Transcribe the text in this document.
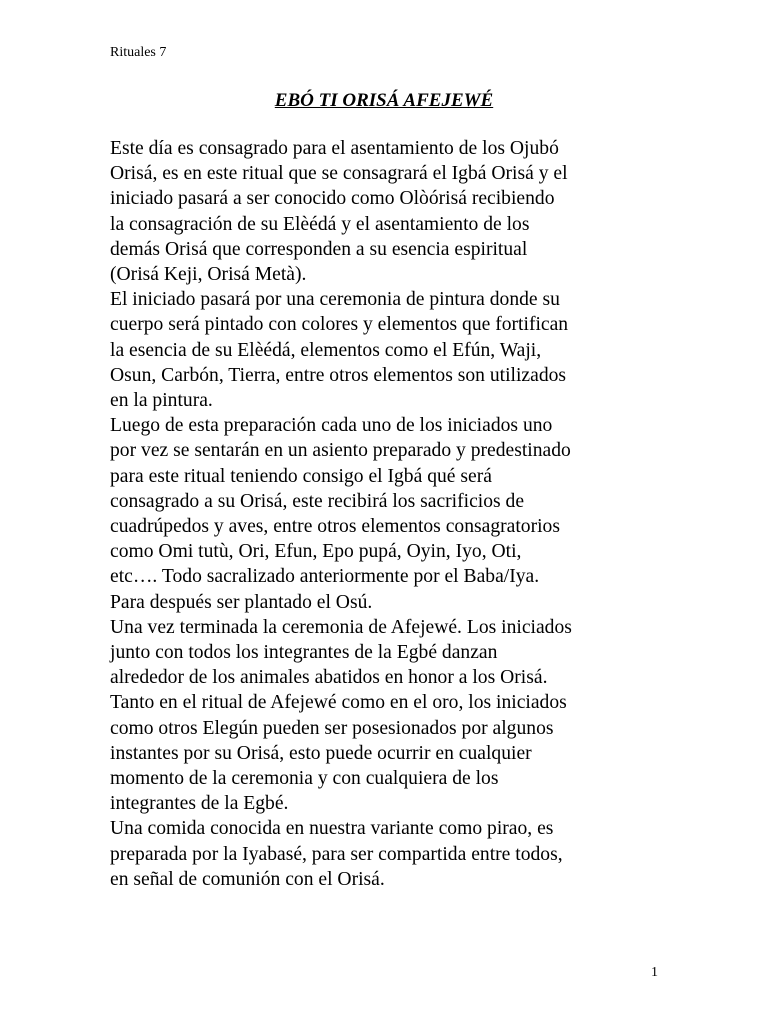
Rituales 7
EBÓ TI ORISÁ AFEJEWÉ
Este día es consagrado para el asentamiento de los Ojubó
Orisá, es en este ritual que se consagrará el Igbá Orisá y el
iniciado pasará a ser conocido como Olòórisá recibiendo
la consagración de su Elèédá y el asentamiento de los
demás Orisá que corresponden a su esencia espiritual
(Orisá Keji, Orisá Metà).
El iniciado pasará por una ceremonia de pintura donde su
cuerpo será pintado con colores y elementos que fortifican
la esencia de su Elèédá, elementos como el Efún, Waji,
Osun, Carbón, Tierra, entre otros elementos son utilizados
en la pintura.
Luego de esta preparación cada uno de los iniciados uno
por vez se sentarán en un asiento preparado y predestinado
para este ritual teniendo consigo el Igbá qué será
consagrado a su Orisá, este recibirá los sacrificios de
cuadrúpedos y aves, entre otros elementos consagratorios
como Omi tutù, Ori, Efun, Epo pupá, Oyin, Iyo, Oti,
etc…. Todo sacralizado anteriormente por el Baba/Iya.
Para después ser plantado el Osú.
Una vez terminada la ceremonia de Afejewé. Los iniciados
junto con todos los integrantes de la Egbé danzan
alrededor de los animales abatidos en honor a los Orisá.
Tanto en el ritual de Afejewé como en el oro, los iniciados
como otros Elegún pueden ser posesionados por algunos
instantes por su Orisá, esto puede ocurrir en cualquier
momento de la ceremonia y con cualquiera de los
integrantes de la Egbé.
Una comida conocida en nuestra variante como pirao, es
preparada por la Iyabasé, para ser compartida entre todos,
en señal de comunión con el Orisá.
1
